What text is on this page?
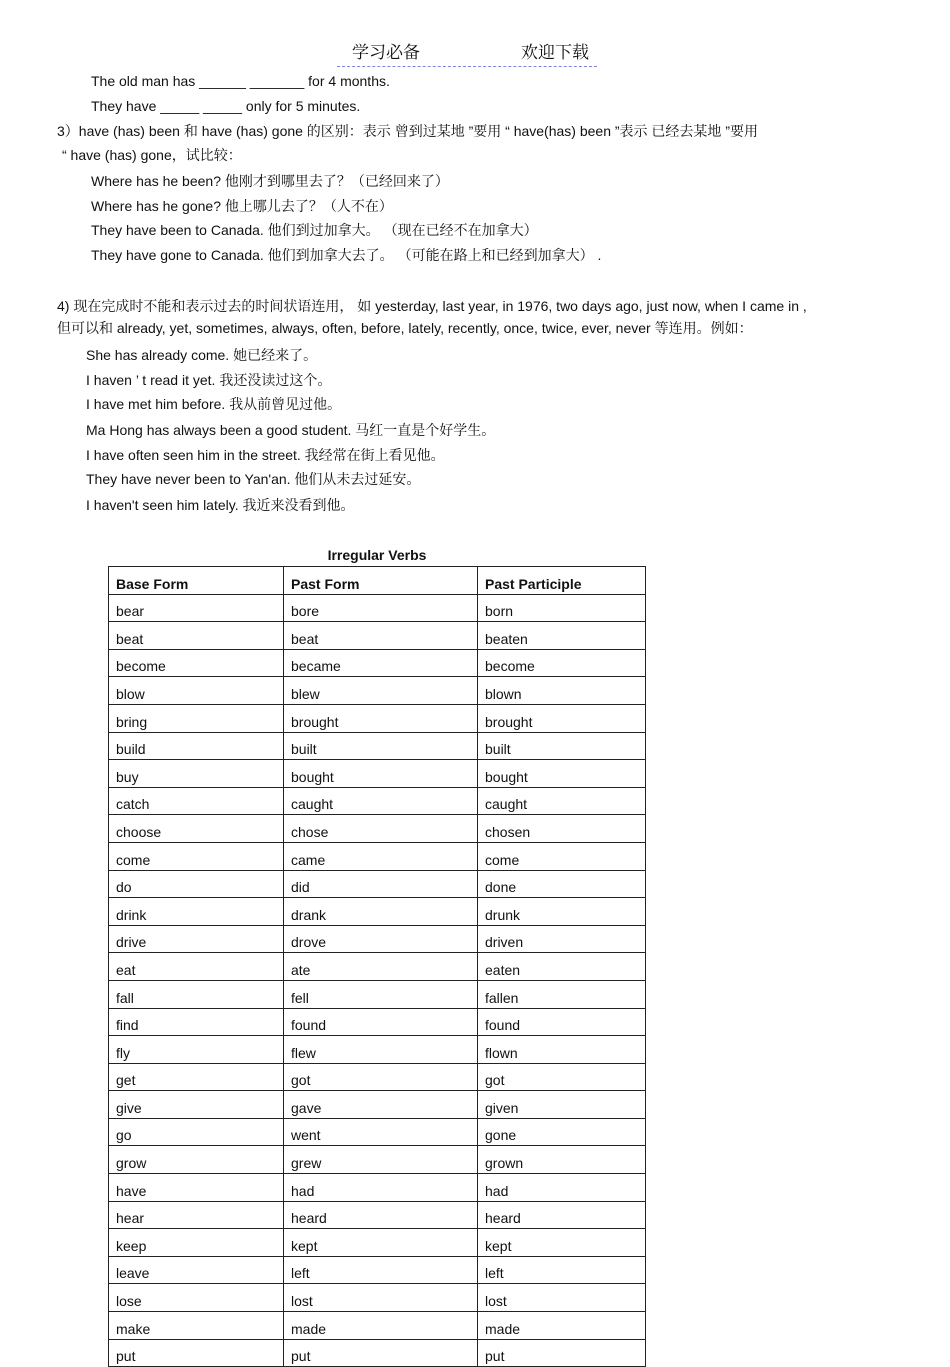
学习必备	欢迎下载
The old man has ______ _______ for 4 months.
They have _____ _____ only for 5 minutes.
3）have (has) been 和 have (has) gone 的区别：表示 曾到过某地 ”要用 “ have(has) been ”表示 已经去某地 ”要用
“ have (has) gone，试比较：
Where has he been? 他刚才到哪里去了？（已经回来了）
Where has he gone? 他上哪儿去了？（人不在）
They have been to Canada. 他们到过加拿大。 （现在已经不在加拿大）
They have gone to Canada. 他们到加拿大去了。 （可能在路上和已经到加拿大） .
4) 现在完成时不能和表示过去的时间状语连用， 如 yesterday, last year, in 1976, two days ago, just now, when I came in ,
但可以和 already, yet, sometimes, always, often, before, lately, recently, once, twice, ever, never 等连用。例如：
She has already come. 她已经来了。
I haven ’ t read it yet. 我还没读过这个。
I have met him before. 我从前曾见过他。
Ma Hong has always been a good student. 马红一直是个好学生。
I have often seen him in the street. 我经常在街上看见他。
They have never been to Yan'an. 他们从未去过延安。
I haven't seen him lately. 我近来没看到他。
Irregular Verbs
Base Form	Past Form	Past Participle
bear	bore	born
beat	beat	beaten
become	became	become
blow	blew	blown
bring	brought	brought
build	built	built
buy	bought	bought
catch	caught	caught
choose	chose	chosen
come	came	come
do	did	done
drink	drank	drunk
drive	drove	driven
eat	ate	eaten
fall	fell	fallen
find	found	found
fly	flew	flown
get	got	got
give	gave	given
go	went	gone
grow	grew	grown
have	had	had
hear	heard	heard
keep	kept	kept
leave	left	left
lose	lost	lost
make	made	made
put	put	put
